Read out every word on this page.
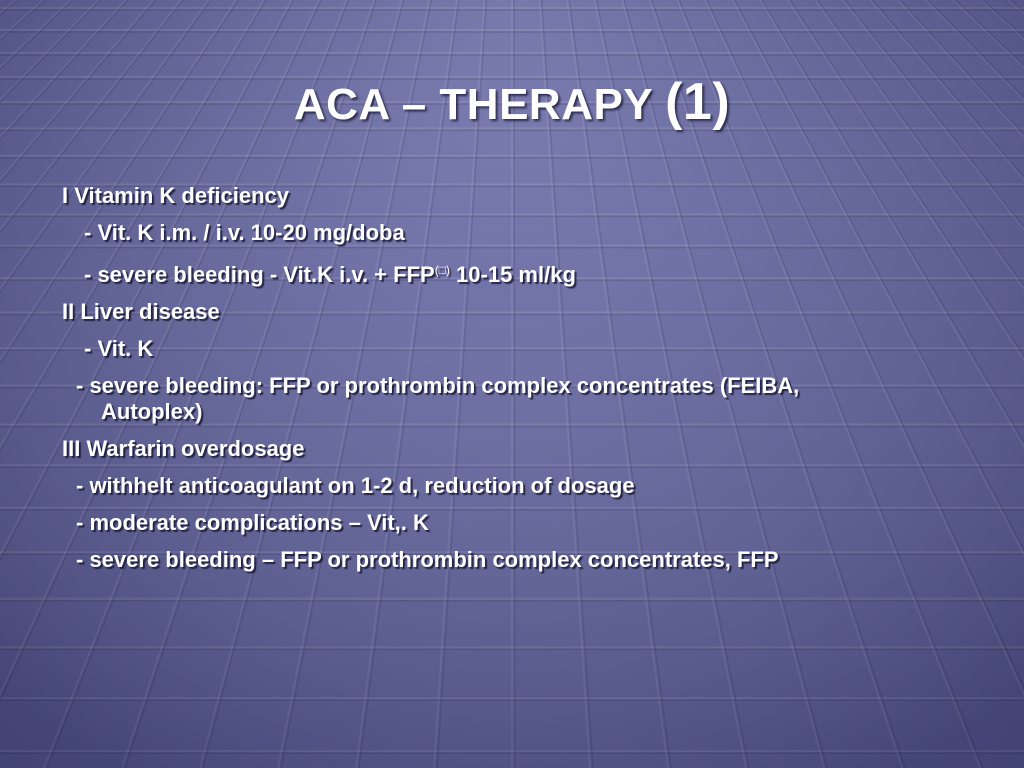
ACA – THERAPY (1)
I Vitamin K deficiency
- Vit. K i.m. / i.v. 10-20 mg/doba
- severe bleeding - Vit.K i.v. + FFP(□) 10-15 ml/kg
II Liver disease
- Vit. K
- severe bleeding: FFP or prothrombin complex concentrates (FEIBA,
Autoplex)
III Warfarin overdosage
- withhelt anticoagulant on 1-2 d, reduction of dosage
- moderate complications – Vit,. K
- severe bleeding – FFP or prothrombin complex concentrates, FFP
